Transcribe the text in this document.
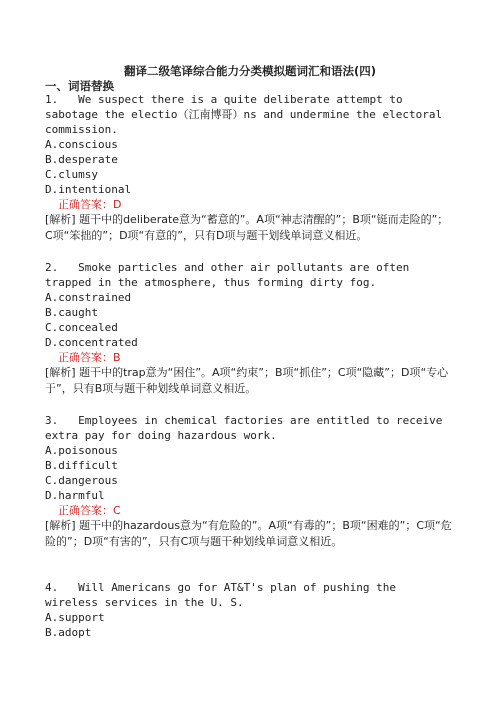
翻译二级笔译综合能力分类模拟题词汇和语法(四)
一、词语替换
1.   We suspect there is a quite deliberate attempt to sabotage the electio（江南博哥）ns and undermine the electoral commission.
A.conscious
B.desperate
C.clumsy
D.intentional
正确答案：D
[解析] 题干中的deliberate意为“蓄意的”。A项“神志清醒的”；B项“铤而走险的”；C项“笨拙的”；D项“有意的”，只有D项与题干划线单词意义相近。
2.   Smoke particles and other air pollutants are often trapped in the atmosphere, thus forming dirty fog.
A.constrained
B.caught
C.concealed
D.concentrated
正确答案：B
[解析] 题干中的trap意为“困住”。A项“约束”；B项“抓住”；C项“隐藏”；D项“专心于”，只有B项与题干种划线单词意义相近。
3.   Employees in chemical factories are entitled to receive extra pay for doing hazardous work.
A.poisonous
B.difficult
C.dangerous
D.harmful
正确答案：C
[解析] 题干中的hazardous意为“有危险的”。A项“有毒的”；B项“困难的”；C项“危险的”；D项“有害的”，只有C项与题干种划线单词意义相近。
4.   Will Americans go for AT&T's plan of pushing the wireless services in the U. S.
A.support
B.adopt
